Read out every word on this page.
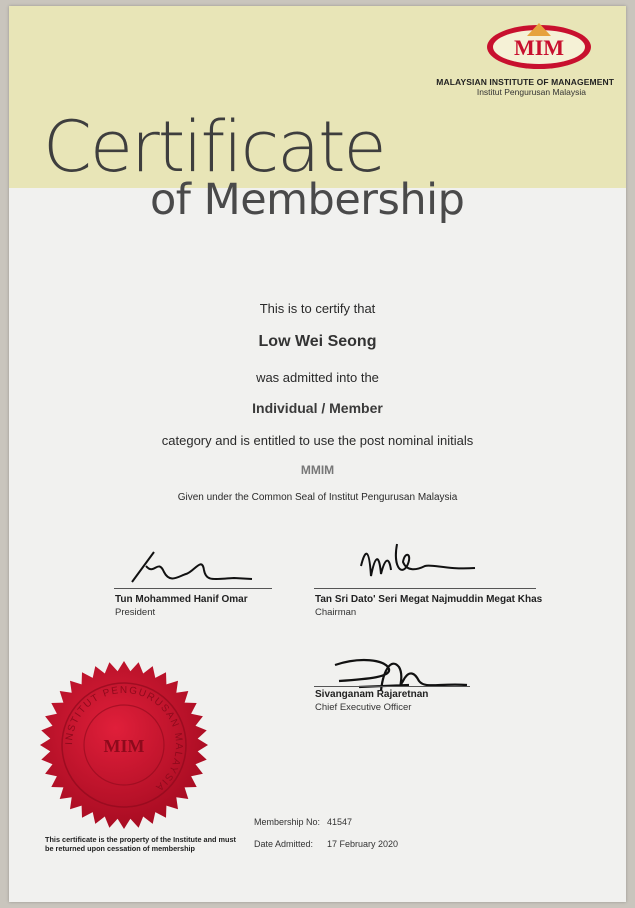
MIM
MALAYSIAN INSTITUTE OF MANAGEMENT
Institut Pengurusan Malaysia
Certificate
of Membership
This is to certify that
Low Wei Seong
was admitted into the
Individual / Member
category and is entitled to use the post nominal initials
MMIM
Given under the Common Seal of Institut Pengurusan Malaysia
Tun Mohammed Hanif Omar
President
Tan Sri Dato' Seri Megat Najmuddin Megat Khas
Chairman
Sivanganam Rajaretnan
Chief Executive Officer
INSTITUT PENGURUSAN MALAYSIA
MIM
This certificate is the property of the Institute and must be returned upon cessation of membership
Membership No: 41547
Date Admitted: 17 February 2020
